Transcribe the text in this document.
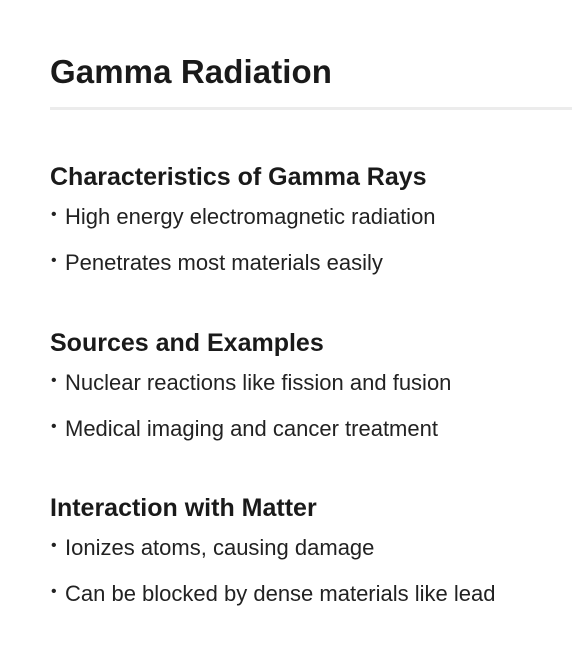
Gamma Radiation
Characteristics of Gamma Rays
• High energy electromagnetic radiation
• Penetrates most materials easily
Sources and Examples
• Nuclear reactions like fission and fusion
• Medical imaging and cancer treatment
Interaction with Matter
• Ionizes atoms, causing damage
• Can be blocked by dense materials like lead
